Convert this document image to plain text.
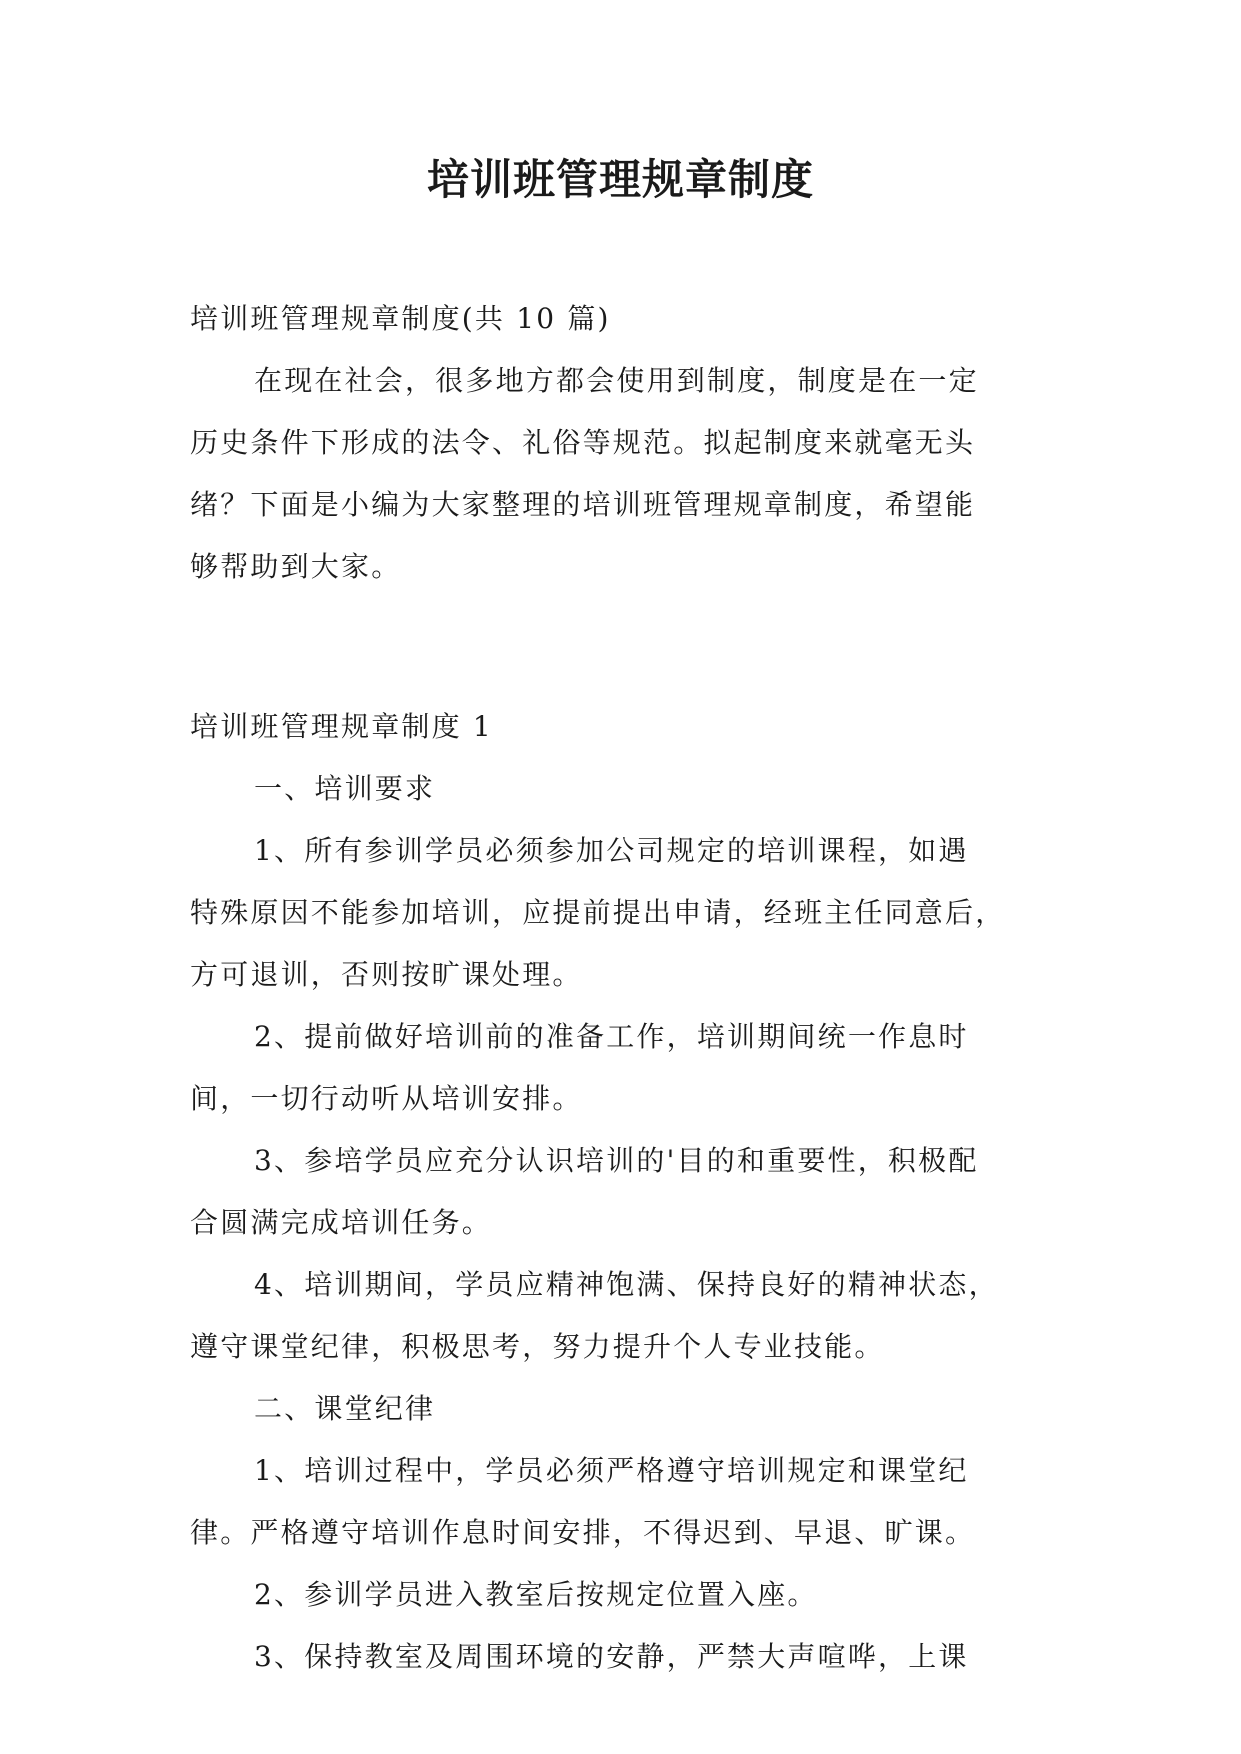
培训班管理规章制度

培训班管理规章制度(共 10 篇)

在现在社会，很多地方都会使用到制度，制度是在一定

历史条件下形成的法令、礼俗等规范。拟起制度来就毫无头

绪？下面是小编为大家整理的培训班管理规章制度，希望能

够帮助到大家。

培训班管理规章制度 1

一、培训要求

1、所有参训学员必须参加公司规定的培训课程，如遇

特殊原因不能参加培训，应提前提出申请，经班主任同意后，

方可退训，否则按旷课处理。

2、提前做好培训前的准备工作，培训期间统一作息时

间，一切行动听从培训安排。

3、参培学员应充分认识培训的'目的和重要性，积极配

合圆满完成培训任务。

4、培训期间，学员应精神饱满、保持良好的精神状态，

遵守课堂纪律，积极思考，努力提升个人专业技能。

二、课堂纪律

1、培训过程中，学员必须严格遵守培训规定和课堂纪

律。严格遵守培训作息时间安排，不得迟到、早退、旷课。

2、参训学员进入教室后按规定位置入座。

3、保持教室及周围环境的安静，严禁大声喧哗，上课
